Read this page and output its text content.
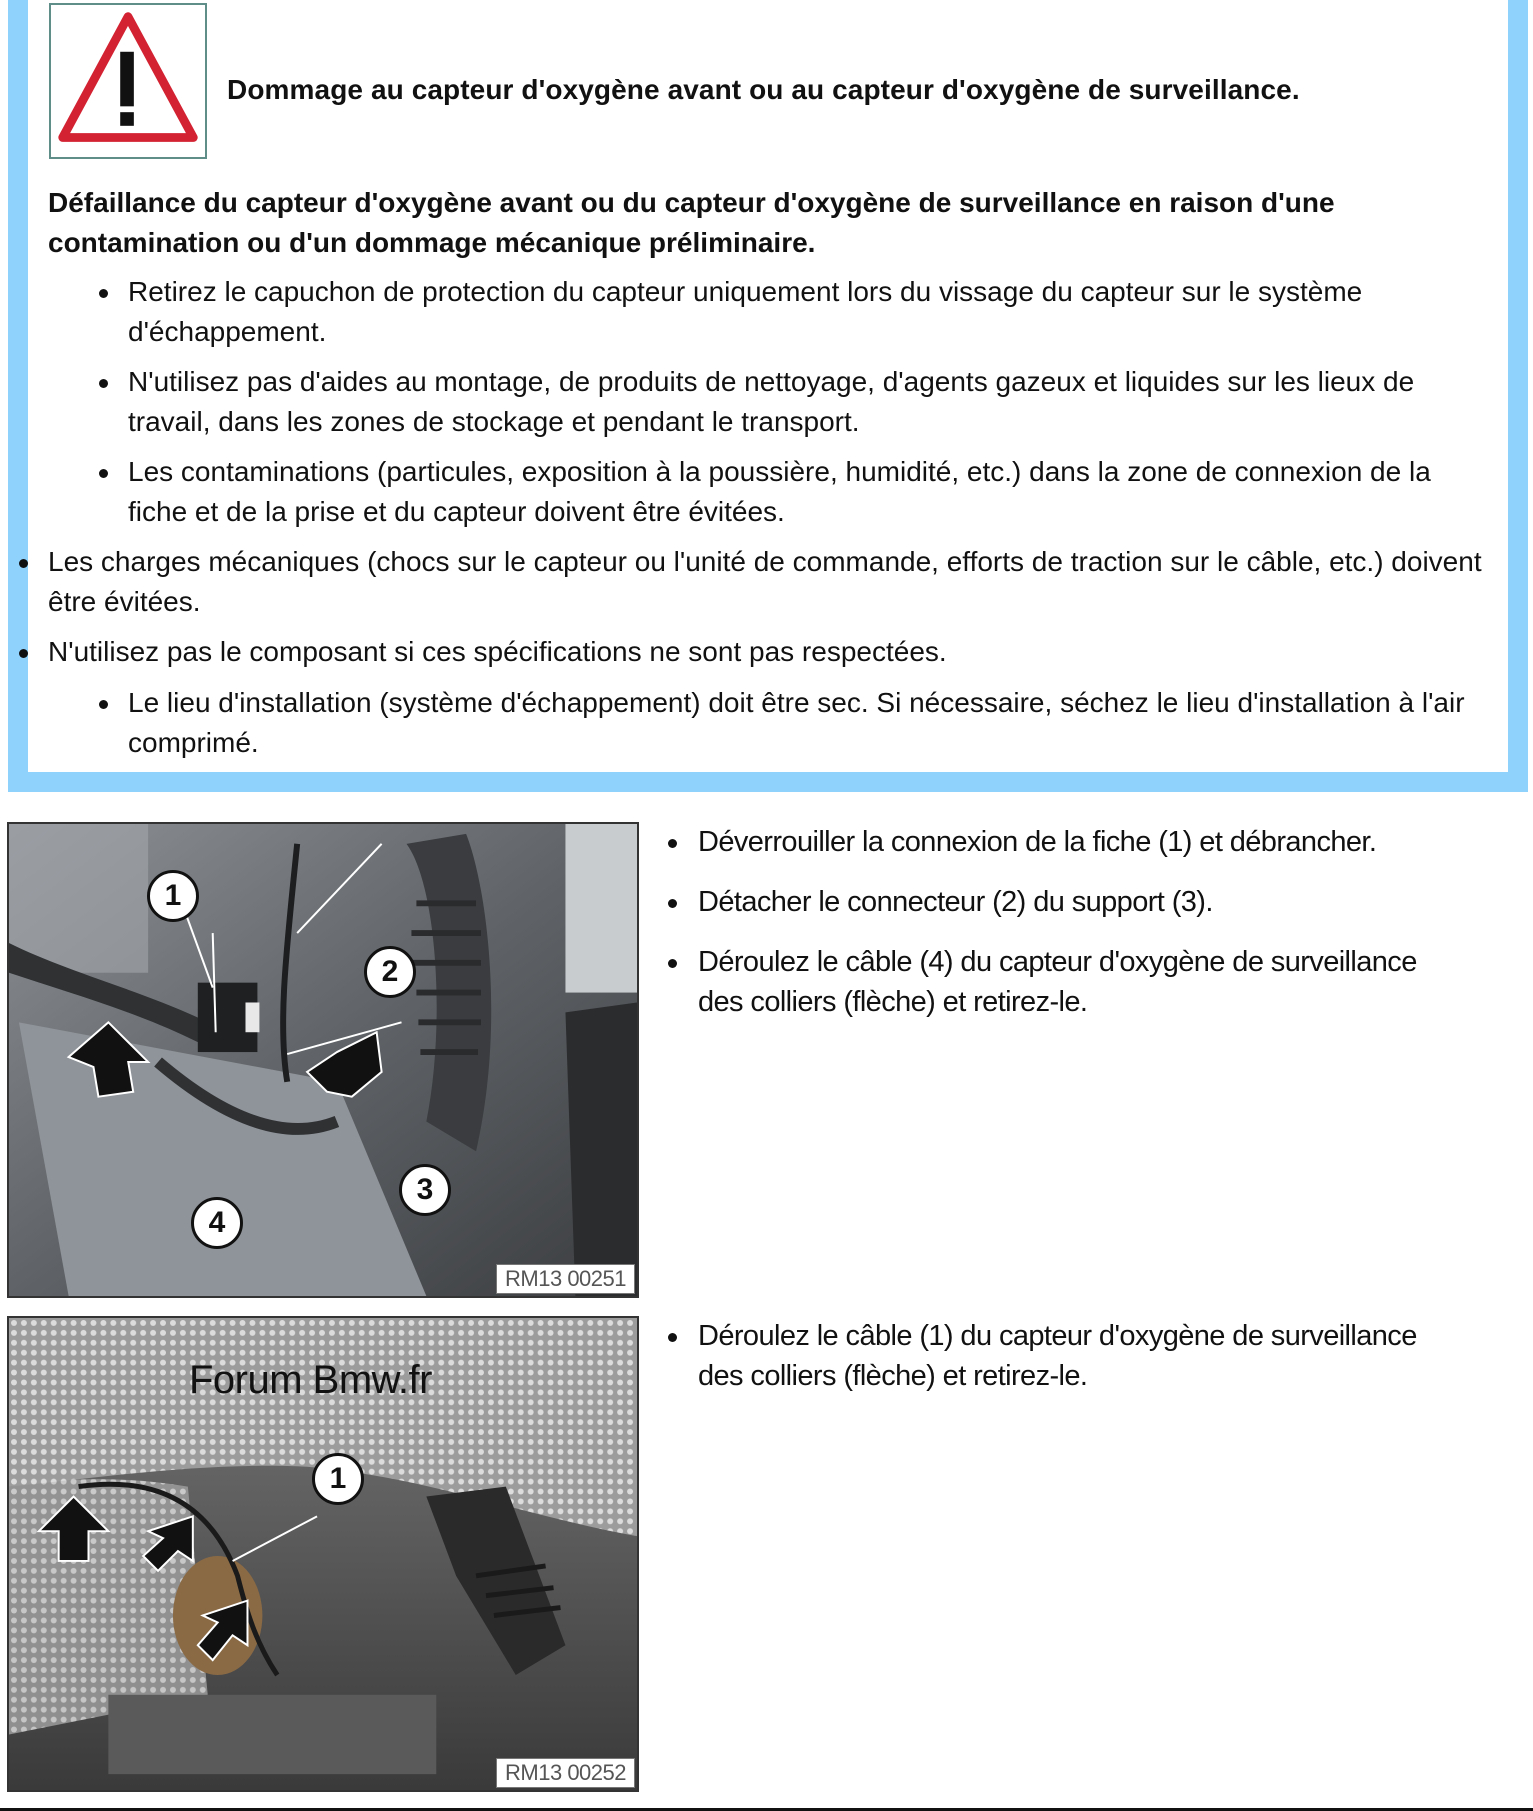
Dommage au capteur d'oxygène avant ou au capteur d'oxygène de surveillance.
Défaillance du capteur d'oxygène avant ou du capteur d'oxygène de surveillance en raison d'une contamination ou d'un dommage mécanique préliminaire.
Retirez le capuchon de protection du capteur uniquement lors du vissage du capteur sur le système d'échappement.
N'utilisez pas d'aides au montage, de produits de nettoyage, d'agents gazeux et liquides sur les lieux de travail, dans les zones de stockage et pendant le transport.
Les contaminations (particules, exposition à la poussière, humidité, etc.) dans la zone de connexion de la fiche et de la prise et du capteur doivent être évitées.
Les charges mécaniques (chocs sur le capteur ou l'unité de commande, efforts de traction sur le câble, etc.) doivent être évitées.
N'utilisez pas le composant si ces spécifications ne sont pas respectées.
Le lieu d'installation (système d'échappement) doit être sec. Si nécessaire, séchez le lieu d'installation à l'air comprimé.
1
2
3
4
RM13 00251
Déverrouiller la connexion de la fiche (1) et débrancher.
Détacher le connecteur (2) du support (3).
Déroulez le câble (4) du capteur d'oxygène de surveillance des colliers (flèche) et retirez-le.
Forum Bmw.fr
1
RM13 00252
Déroulez le câble (1) du capteur d'oxygène de surveillance des colliers (flèche) et retirez-le.
